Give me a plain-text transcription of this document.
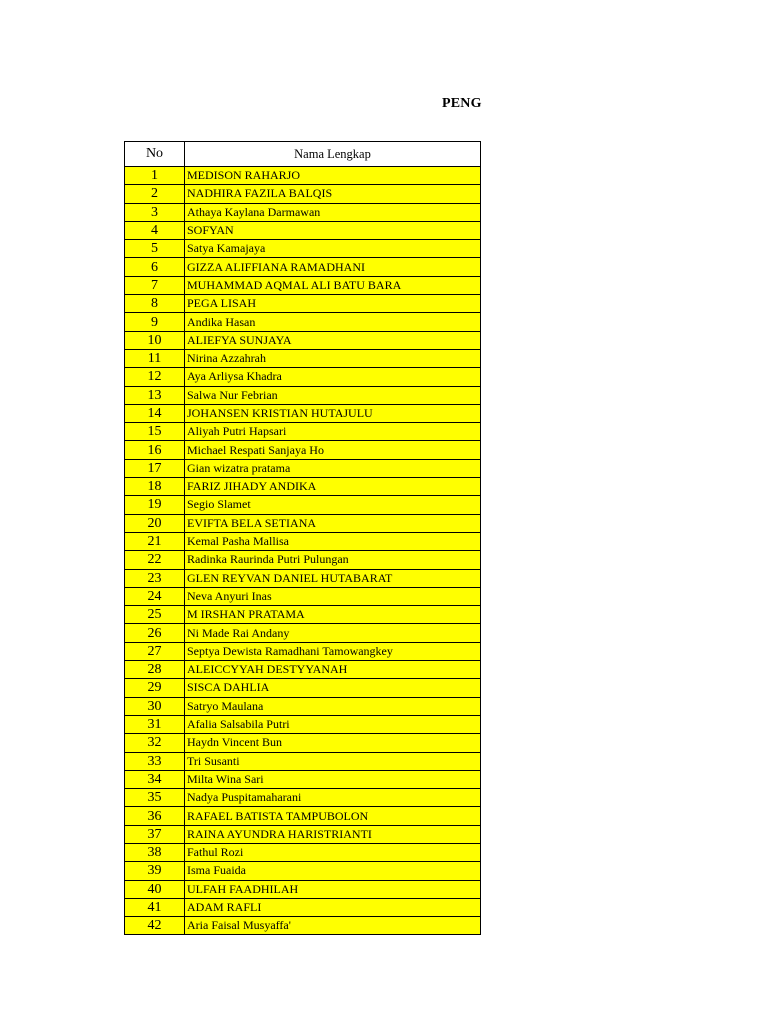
PENG
No	Nama Lengkap
1	MEDISON RAHARJO
2	NADHIRA FAZILA BALQIS
3	Athaya Kaylana Darmawan
4	SOFYAN
5	Satya Kamajaya
6	GIZZA ALIFFIANA RAMADHANI
7	MUHAMMAD AQMAL ALI BATU BARA
8	PEGA LISAH
9	Andika Hasan
10	ALIEFYA SUNJAYA
11	Nirina Azzahrah
12	Aya Arliysa Khadra
13	Salwa Nur Febrian
14	JOHANSEN KRISTIAN HUTAJULU
15	Aliyah Putri Hapsari
16	Michael Respati Sanjaya Ho
17	Gian wizatra pratama
18	FARIZ JIHADY ANDIKA
19	Segio Slamet
20	EVIFTA BELA SETIANA
21	Kemal Pasha Mallisa
22	Radinka Raurinda Putri Pulungan
23	GLEN REYVAN DANIEL HUTABARAT
24	Neva Anyuri Inas
25	M IRSHAN PRATAMA
26	Ni Made Rai Andany
27	Septya Dewista Ramadhani Tamowangkey
28	ALEICCYYAH DESTYYANAH
29	SISCA DAHLIA
30	Satryo Maulana
31	Afalia Salsabila Putri
32	Haydn Vincent Bun
33	Tri Susanti
34	Milta Wina Sari
35	Nadya Puspitamaharani
36	RAFAEL BATISTA TAMPUBOLON
37	RAINA AYUNDRA HARISTRIANTI
38	Fathul Rozi
39	Isma Fuaida
40	ULFAH FAADHILAH
41	ADAM RAFLI
42	Aria Faisal Musyaffa'
